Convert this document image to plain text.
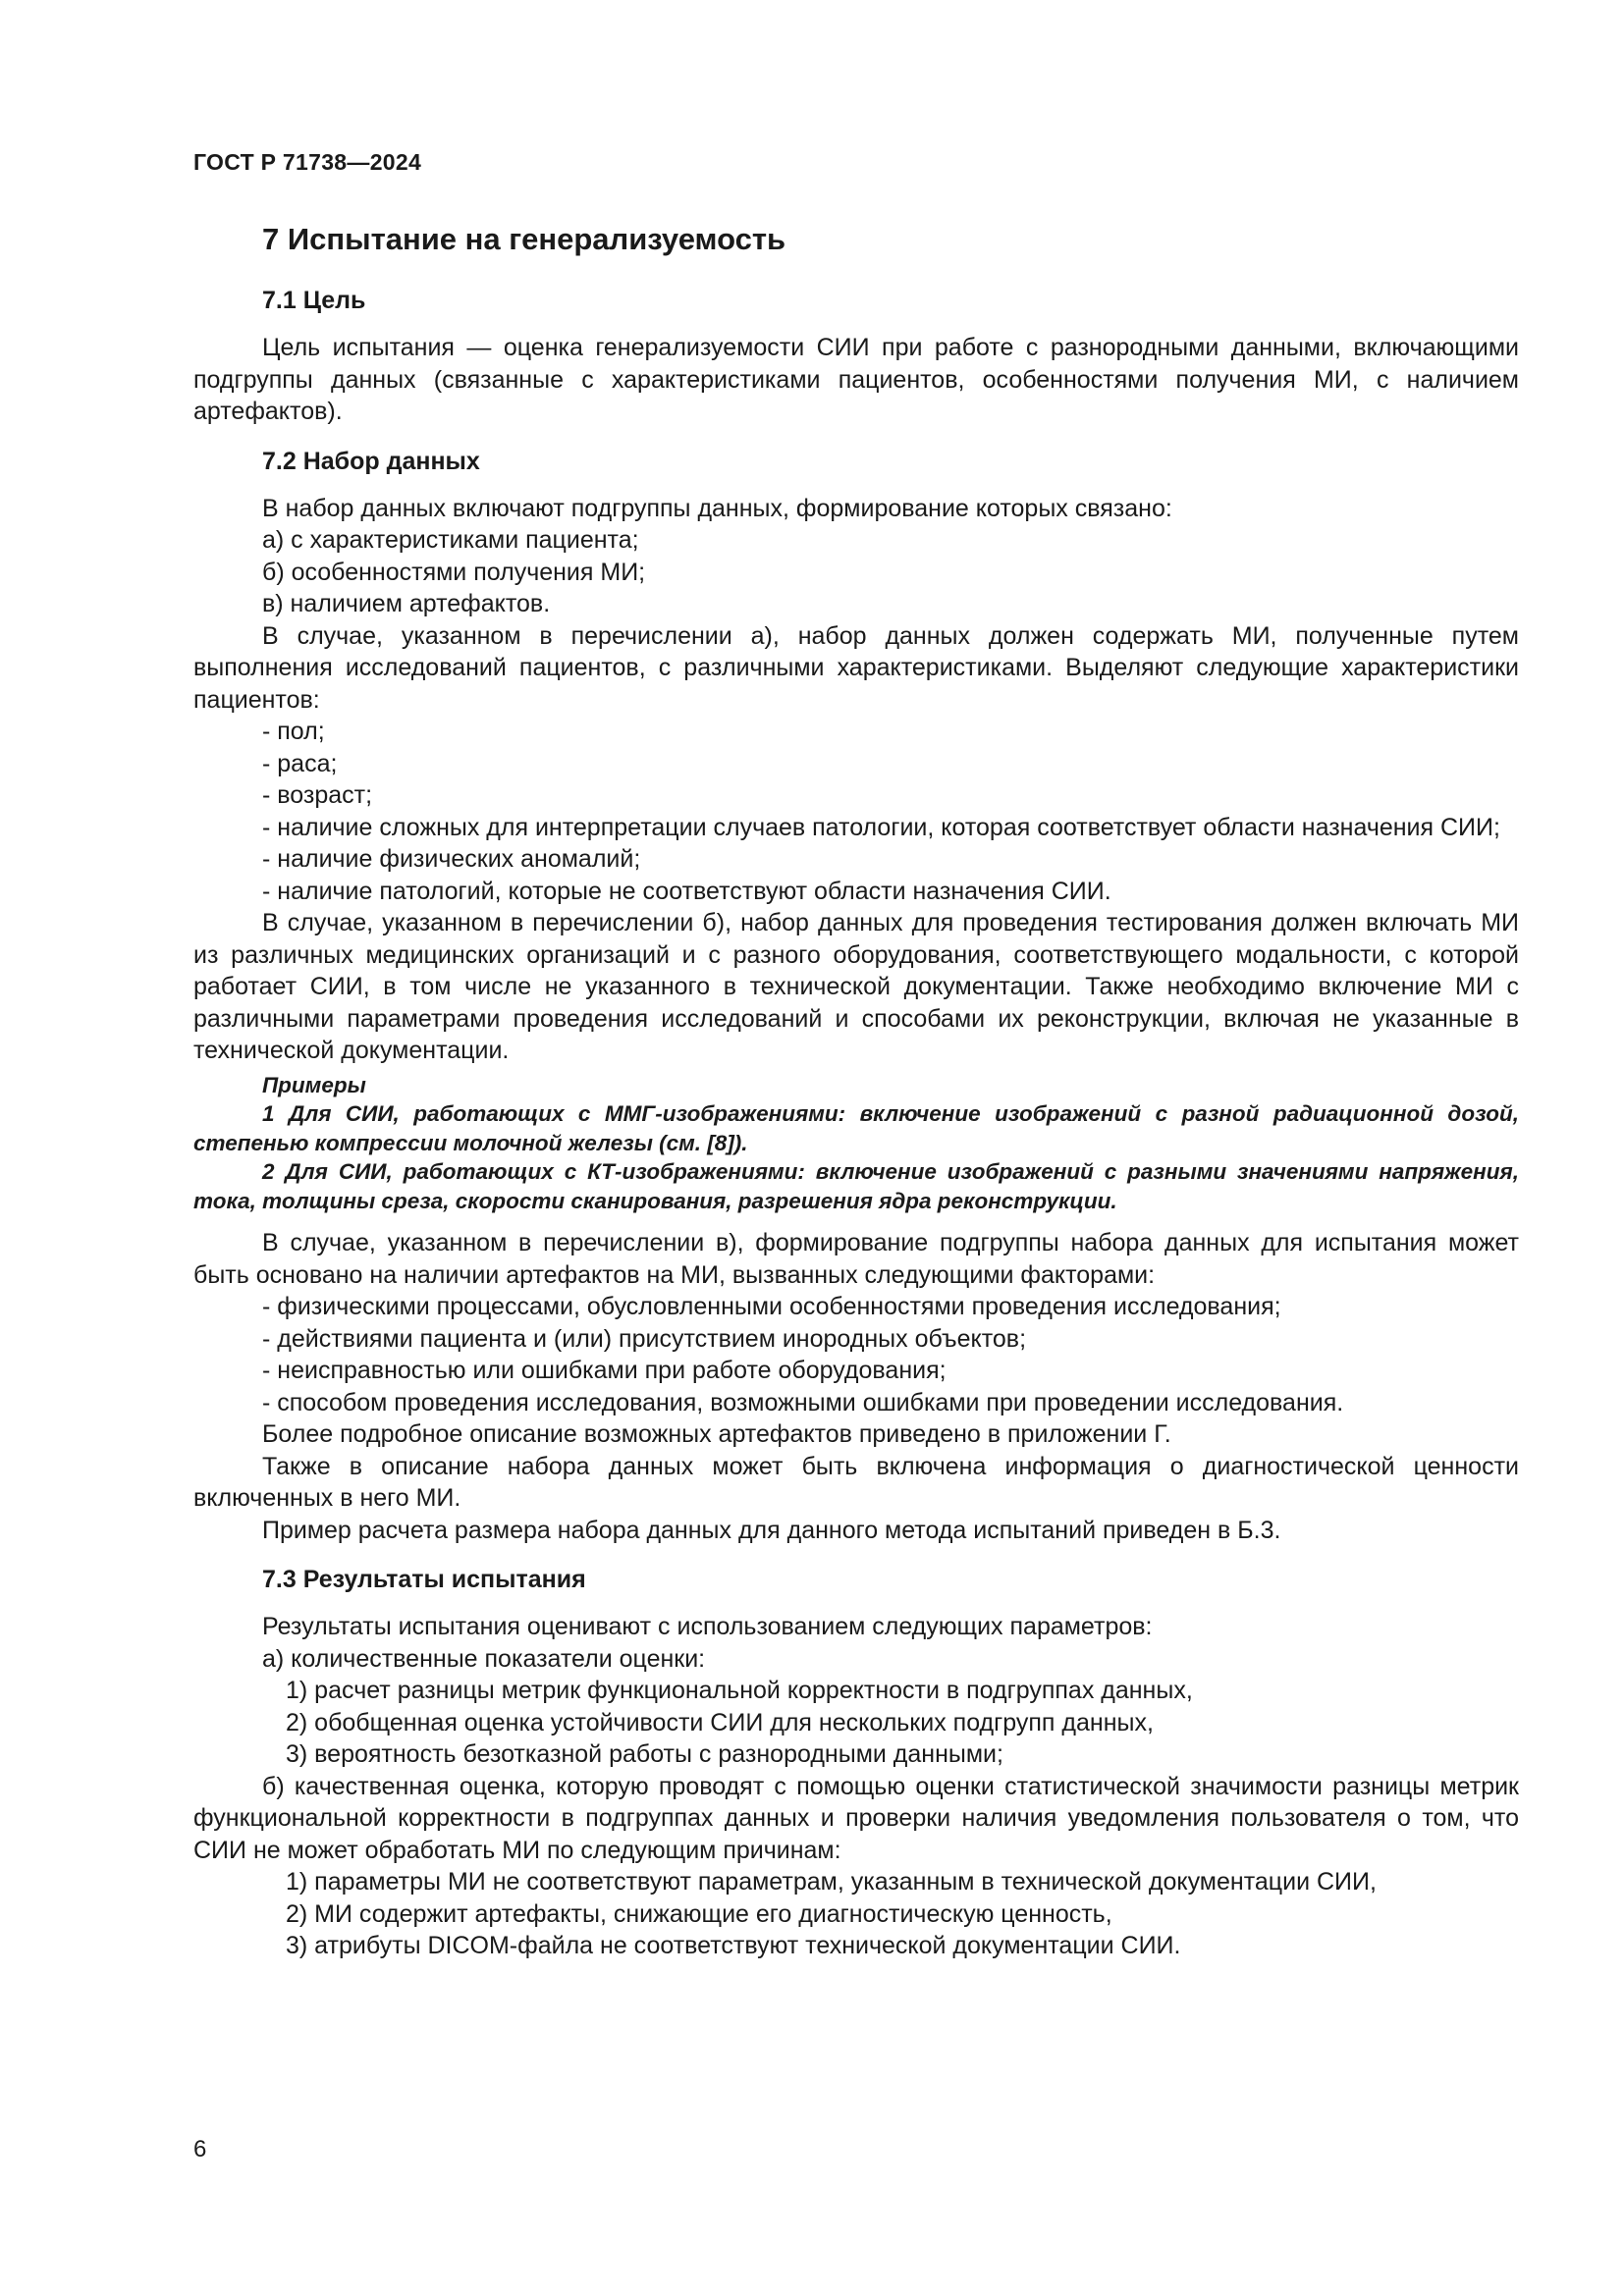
ГОСТ Р 71738—2024
7 Испытание на генерализуемость
7.1 Цель

Цель испытания — оценка генерализуемости СИИ при работе с разнородными данными, включающими подгруппы данных (связанные с характеристиками пациентов, особенностями получения МИ, с наличием артефактов).

7.2 Набор данных

В набор данных включают подгруппы данных, формирование которых связано:

а) с характеристиками пациента;

б) особенностями получения МИ;

в) наличием артефактов.

В случае, указанном в перечислении а), набор данных должен содержать МИ, полученные путем выполнения исследований пациентов, с различными характеристиками. Выделяют следующие характеристики пациентов:

- пол;

- раса;

- возраст;

- наличие сложных для интерпретации случаев патологии, которая соответствует области назначения СИИ;

- наличие физических аномалий;

- наличие патологий, которые не соответствуют области назначения СИИ.

В случае, указанном в перечислении б), набор данных для проведения тестирования должен включать МИ из различных медицинских организаций и с разного оборудования, соответствующего модальности, с которой работает СИИ, в том числе не указанного в технической документации. Также необходимо включение МИ с различными параметрами проведения исследований и способами их реконструкции, включая не указанные в технической документации.

Примеры

1 Для СИИ, работающих с ММГ-изображениями: включение изображений с разной радиационной дозой, степенью компрессии молочной железы (см. [8]).

2 Для СИИ, работающих с КТ-изображениями: включение изображений с разными значениями напряжения, тока, толщины среза, скорости сканирования, разрешения ядра реконструкции.

В случае, указанном в перечислении в), формирование подгруппы набора данных для испытания может быть основано на наличии артефактов на МИ, вызванных следующими факторами:

- физическими процессами, обусловленными особенностями проведения исследования;

- действиями пациента и (или) присутствием инородных объектов;

- неисправностью или ошибками при работе оборудования;

- способом проведения исследования, возможными ошибками при проведении исследования.

Более подробное описание возможных артефактов приведено в приложении Г.

Также в описание набора данных может быть включена информация о диагностической ценности включенных в него МИ.

Пример расчета размера набора данных для данного метода испытаний приведен в Б.3.

7.3 Результаты испытания

Результаты испытания оценивают с использованием следующих параметров:

а) количественные показатели оценки:

1) расчет разницы метрик функциональной корректности в подгруппах данных,

2) обобщенная оценка устойчивости СИИ для нескольких подгрупп данных,

3) вероятность безотказной работы с разнородными данными;

б) качественная оценка, которую проводят с помощью оценки статистической значимости разницы метрик функциональной корректности в подгруппах данных и проверки наличия уведомления пользователя о том, что СИИ не может обработать МИ по следующим причинам:

1) параметры МИ не соответствуют параметрам, указанным в технической документации СИИ,

2) МИ содержит артефакты, снижающие его диагностическую ценность,

3) атрибуты DICOM-файла не соответствуют технической документации СИИ.

6
